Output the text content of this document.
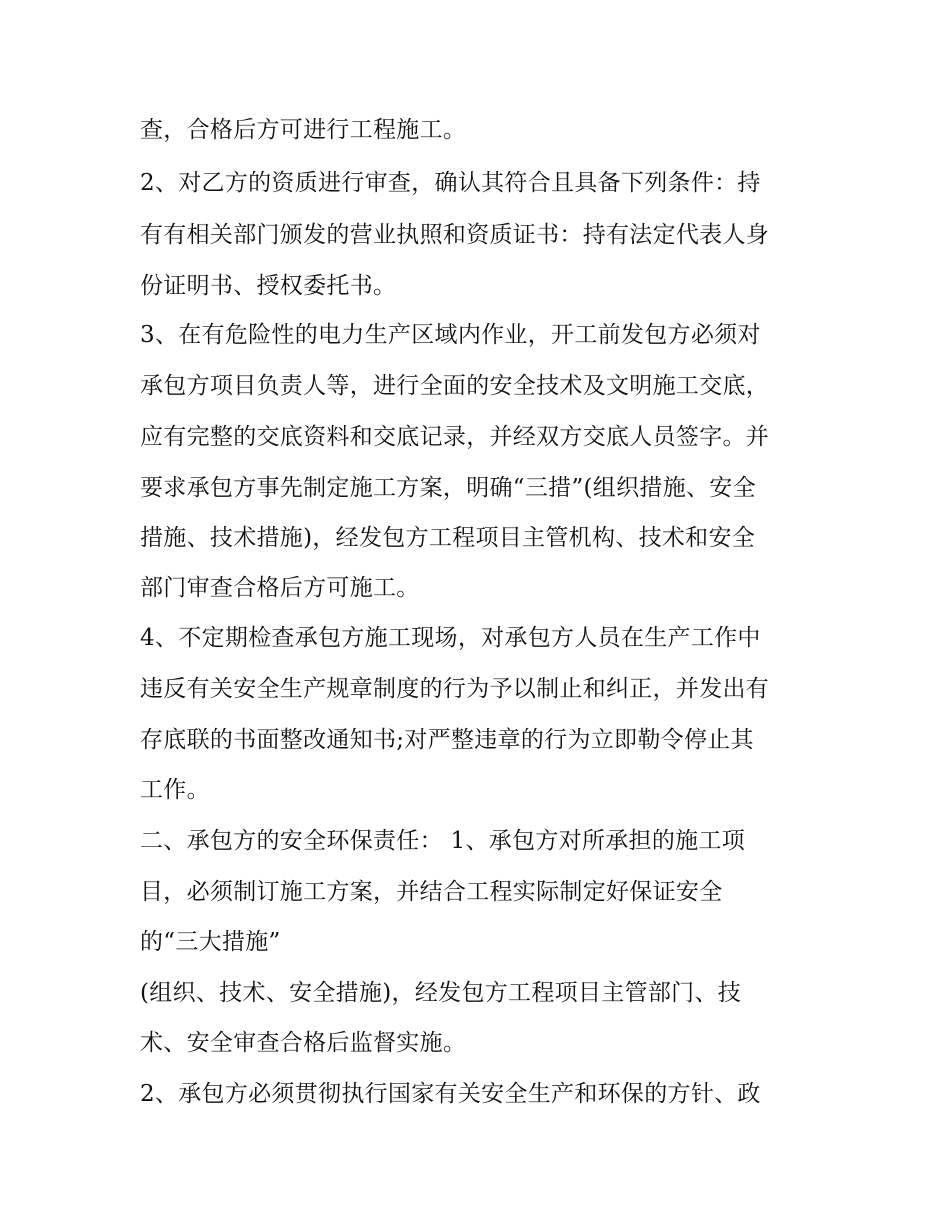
查，合格后方可进行工程施工。
2、对乙方的资质进行审查，确认其符合且具备下列条件：持
有有相关部门颁发的营业执照和资质证书：持有法定代表人身
份证明书、授权委托书。
3、在有危险性的电力生产区域内作业，开工前发包方必须对
承包方项目负责人等，进行全面的安全技术及文明施工交底，
应有完整的交底资料和交底记录，并经双方交底人员签字。并
要求承包方事先制定施工方案，明确“三措”(组织措施、安全
措施、技术措施)，经发包方工程项目主管机构、技术和安全
部门审查合格后方可施工。
4、不定期检查承包方施工现场，对承包方人员在生产工作中
违反有关安全生产规章制度的行为予以制止和纠正，并发出有
存底联的书面整改通知书;对严整违章的行为立即勒令停止其
工作。
二、承包方的安全环保责任： 1、承包方对所承担的施工项
目，必须制订施工方案，并结合工程实际制定好保证安全
的“三大措施”
(组织、技术、安全措施)，经发包方工程项目主管部门、技
术、安全审查合格后监督实施。
2、承包方必须贯彻执行国家有关安全生产和环保的方针、政
